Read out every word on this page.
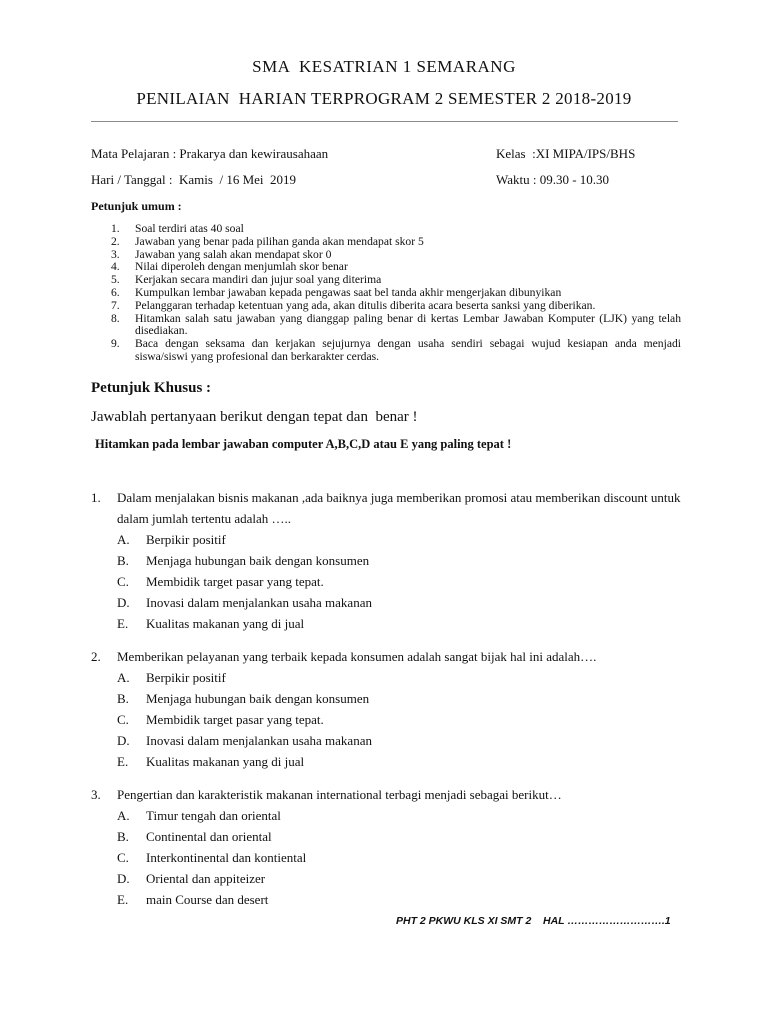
SMA  KESATRIAN 1 SEMARANG
PENILAIAN  HARIAN TERPROGRAM 2 SEMESTER 2 2018-2019
Mata Pelajaran : Prakarya dan kewirausahaan	Kelas  :XI MIPA/IPS/BHS
Hari / Tanggal :  Kamis  / 16 Mei  2019	Waktu : 09.30 - 10.30
Petunjuk umum :
1.	Soal terdiri atas 40 soal
2.	Jawaban yang benar pada pilihan ganda akan mendapat skor 5
3.	Jawaban yang salah akan mendapat skor 0
4.	Nilai diperoleh dengan menjumlah skor benar
5.	Kerjakan secara mandiri dan jujur soal yang diterima
6.	Kumpulkan lembar jawaban kepada pengawas saat bel tanda akhir mengerjakan dibunyikan
7.	Pelanggaran terhadap ketentuan yang ada, akan ditulis diberita acara beserta sanksi yang diberikan.
8.	Hitamkan salah satu jawaban yang dianggap paling benar di kertas Lembar Jawaban Komputer (LJK) yang telah disediakan.
9.	Baca dengan seksama dan kerjakan sejujurnya dengan usaha sendiri sebagai wujud kesiapan anda menjadi siswa/siswi yang profesional dan berkarakter cerdas.
Petunjuk Khusus :
Jawablah pertanyaan berikut dengan tepat dan  benar !
Hitamkan pada lembar jawaban computer A,B,C,D atau E yang paling tepat !
1.	Dalam menjalakan bisnis makanan ,ada baiknya juga memberikan promosi atau memberikan discount untuk dalam jumlah tertentu adalah …..
A.	Berpikir positif
B.	Menjaga hubungan baik dengan konsumen
C.	Membidik target pasar yang tepat.
D.	Inovasi dalam menjalankan usaha makanan
E.	Kualitas makanan yang di jual
2.	Memberikan pelayanan yang terbaik kepada konsumen adalah sangat bijak hal ini adalah….
A.	Berpikir positif
B.	Menjaga hubungan baik dengan konsumen
C.	Membidik target pasar yang tepat.
D.	Inovasi dalam menjalankan usaha makanan
E.	Kualitas makanan yang di jual
3.	Pengertian dan karakteristik makanan international terbagi menjadi sebagai berikut…
A.	Timur tengah dan oriental
B.	Continental dan oriental
C.	Interkontinental dan kontiental
D.	Oriental dan appiteizer
E.	main Course dan desert
PHT 2 PKWU KLS XI SMT 2    HAL ……………………….1
